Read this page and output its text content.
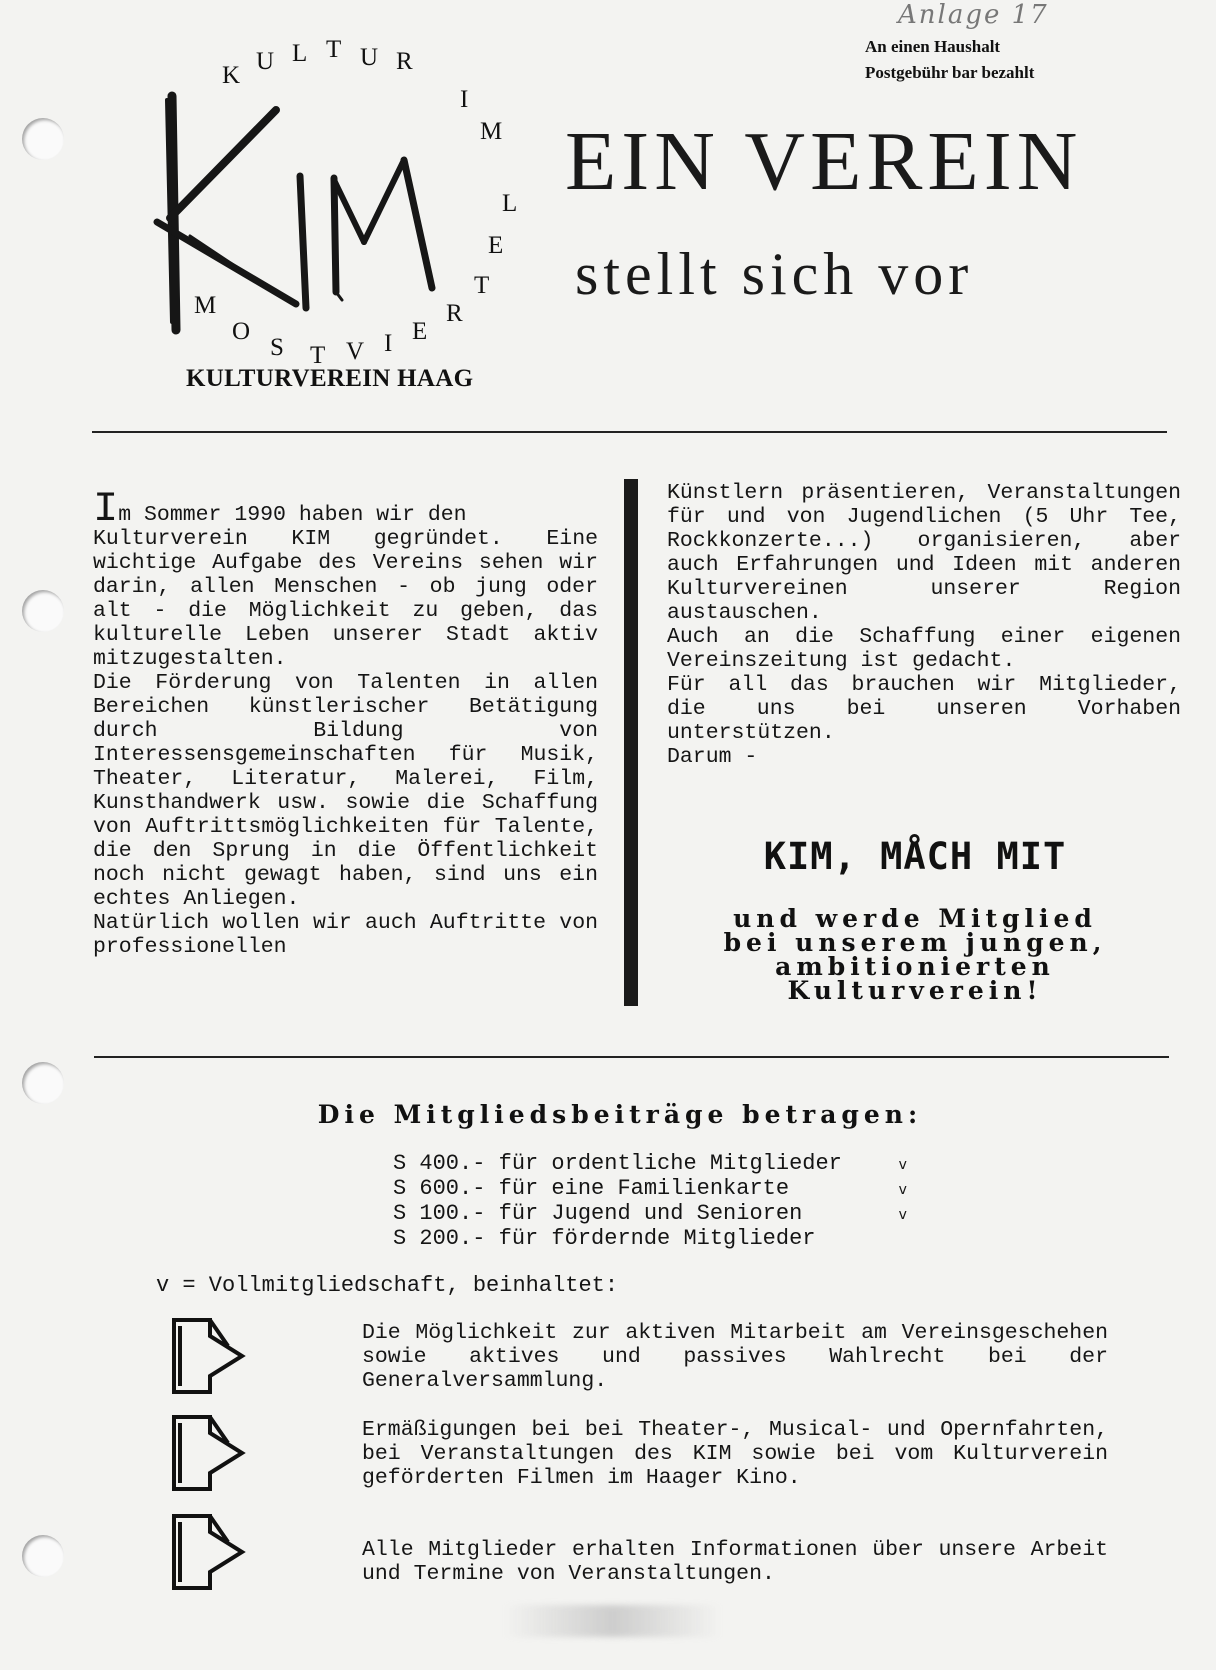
Anlage 17
An einen Haushalt
Postgebühr bar bezahlt
K
U L T U R
I
M
L
E
T
M
O
S T V I E
R
KULTURVEREIN HAAG
EIN VEREIN
stellt sich vor
Im Sommer 1990 haben wir den
Kulturverein KIM gegründet. Eine wichtige Aufgabe des Vereins sehen wir darin, allen Menschen - ob jung oder alt - die Möglichkeit zu geben, das kulturelle Leben unserer Stadt aktiv mitzugestalten.
Die Förderung von Talenten in allen Bereichen künstlerischer Betätigung durch Bildung von Interessensgemeinschaften für Musik, Theater, Literatur, Malerei, Film, Kunsthandwerk usw. sowie die Schaffung von Auftrittsmöglichkeiten für Talente, die den Sprung in die Öffentlichkeit noch nicht gewagt haben, sind uns ein echtes Anliegen.
Natürlich wollen wir auch Auftritte von professionellen
Künstlern präsentieren, Veranstaltungen für und von Jugendlichen (5 Uhr Tee, Rockkonzerte...) organisieren, aber auch Erfahrungen und Ideen mit anderen Kulturvereinen unserer Region austauschen.
Auch an die Schaffung einer eigenen Vereinszeitung ist gedacht.
Für all das brauchen wir Mitglieder, die uns bei unseren Vorhaben unterstützen.
Darum -
KIM, MÅCH MIT
und werde Mitglied
bei unserem jungen,
ambitionierten
Kulturverein!
Die Mitgliedsbeiträge betragen:
S 400.- für ordentliche Mitglieder	v
S 600.- für eine Familienkarte	v
S 100.- für Jugend und Senioren	v
S 200.- für fördernde Mitglieder
v = Vollmitgliedschaft, beinhaltet:
Die Möglichkeit zur aktiven Mitarbeit am Vereinsgeschehen sowie aktives und passives Wahlrecht bei der Generalversammlung.
Ermäßigungen bei bei Theater-, Musical- und Opernfahrten, bei Veranstaltungen des KIM sowie bei vom Kulturverein geförderten Filmen im Haager Kino.
Alle Mitglieder erhalten Informationen über unsere Arbeit und Termine von Veranstaltungen.
